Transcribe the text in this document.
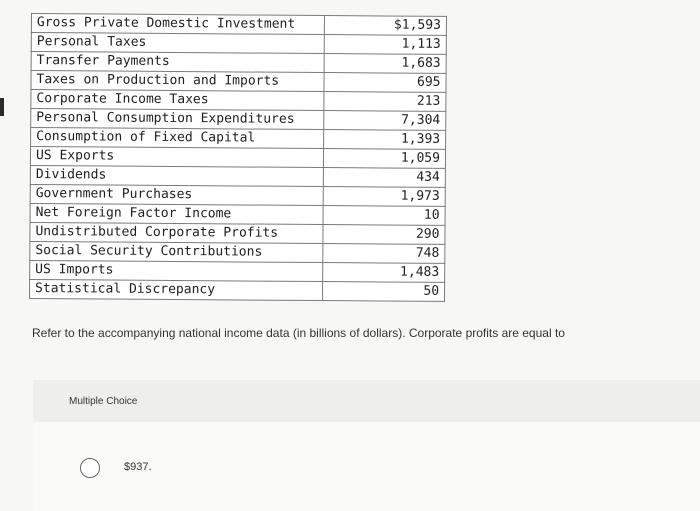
Gross Private Domestic Investment	$1,593
Personal Taxes	1,113
Transfer Payments	1,683
Taxes on Production and Imports	695
Corporate Income Taxes	213
Personal Consumption Expenditures	7,304
Consumption of Fixed Capital	1,393
US Exports	1,059
Dividends	434
Government Purchases	1,973
Net Foreign Factor Income	10
Undistributed Corporate Profits	290
Social Security Contributions	748
US Imports	1,483
Statistical Discrepancy	50
Refer to the accompanying national income data (in billions of dollars). Corporate profits are equal to
Multiple Choice
$937.
